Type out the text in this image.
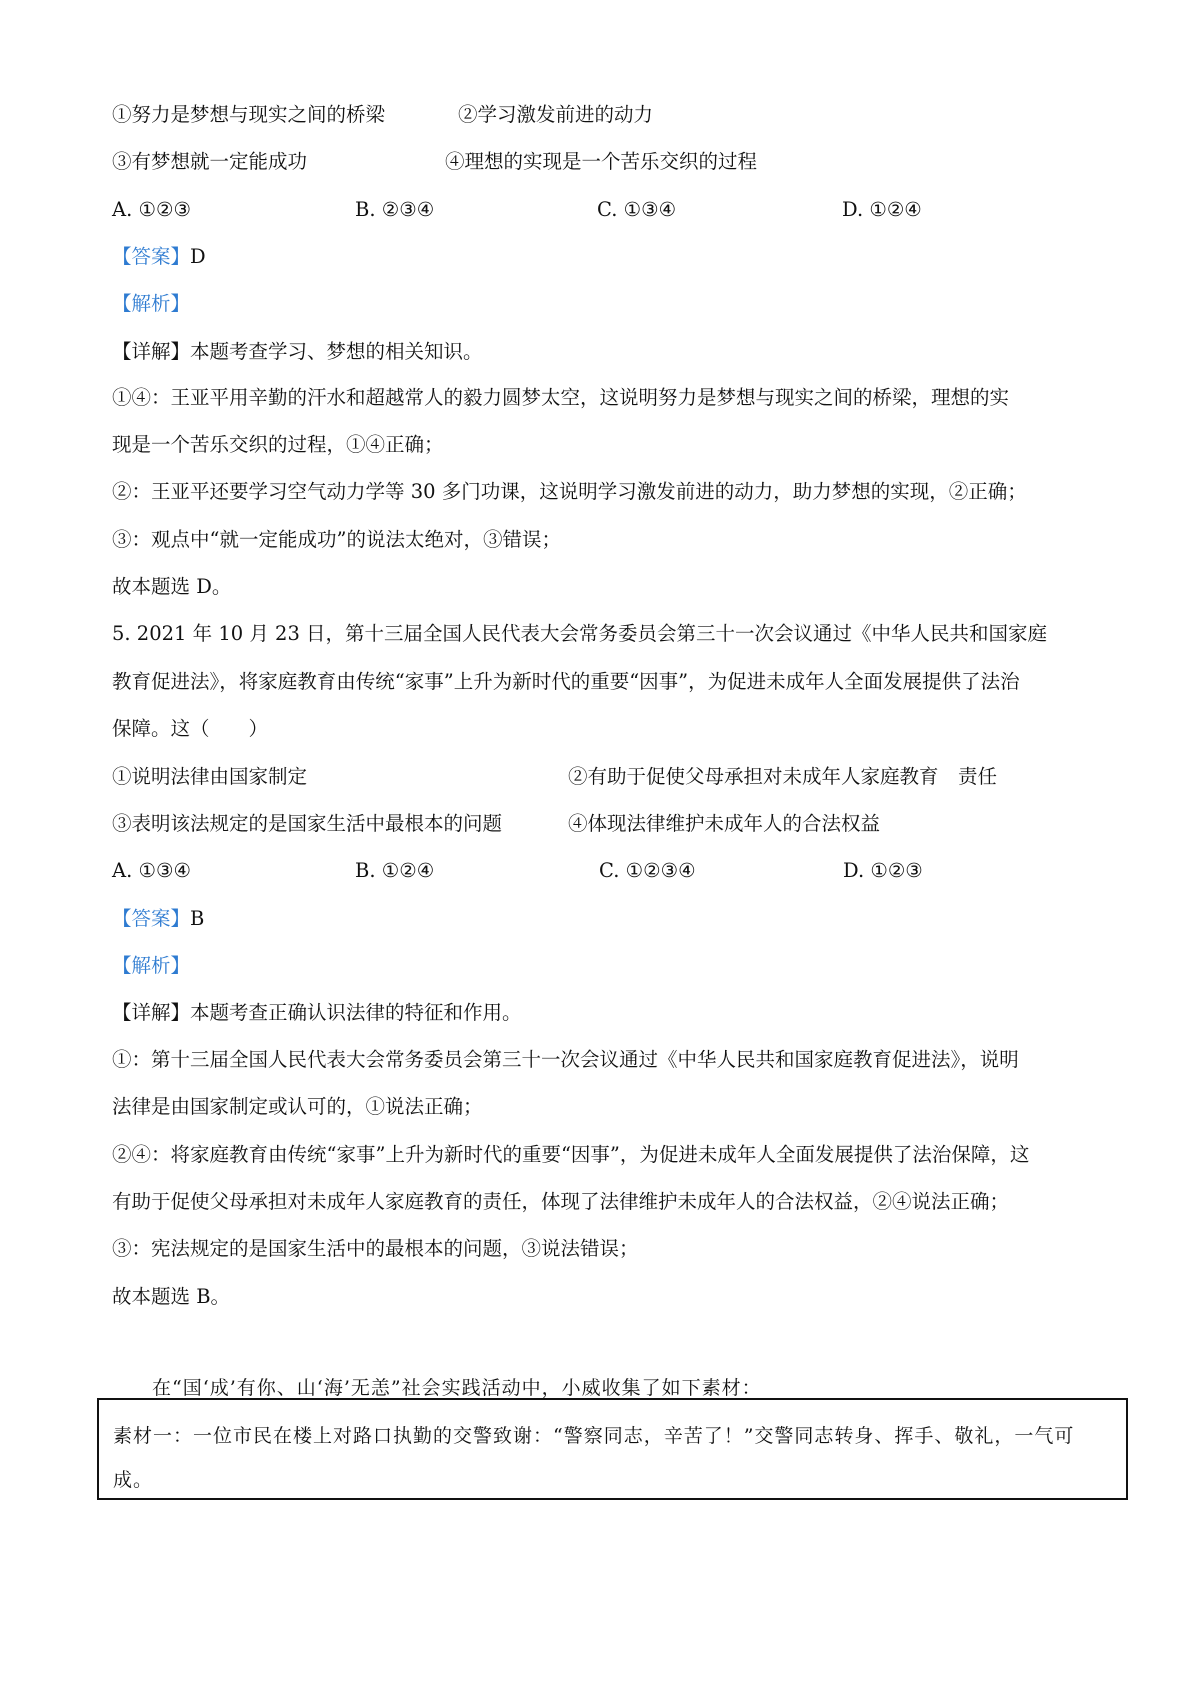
①努力是梦想与现实之间的桥梁	②学习激发前进的动力
③有梦想就一定能成功	④理想的实现是一个苦乐交织的过程
A. ①②③	B. ②③④	C. ①③④	D. ①②④
【答案】D
【解析】
【详解】本题考查学习、梦想的相关知识。
①④：王亚平用辛勤的汗水和超越常人的毅力圆梦太空，这说明努力是梦想与现实之间的桥梁，理想的实
现是一个苦乐交织的过程，①④正确；
②：王亚平还要学习空气动力学等 30 多门功课，这说明学习激发前进的动力，助力梦想的实现，②正确；
③：观点中“就一定能成功”的说法太绝对，③错误；
故本题选 D。
5. 2021 年 10 月 23 日，第十三届全国人民代表大会常务委员会第三十一次会议通过《中华人民共和国家庭
教育促进法》，将家庭教育由传统“家事”上升为新时代的重要“因事”，为促进未成年人全面发展提供了法治
保障。这（　　）
①说明法律由国家制定	②有助于促使父母承担对未成年人家庭教育　责任
③表明该法规定的是国家生活中最根本的问题	④体现法律维护未成年人的合法权益
A. ①③④	B. ①②④	C. ①②③④	D. ①②③
【答案】B
【解析】
【详解】本题考查正确认识法律的特征和作用。
①：第十三届全国人民代表大会常务委员会第三十一次会议通过《中华人民共和国家庭教育促进法》，说明
法律是由国家制定或认可的，①说法正确；
②④：将家庭教育由传统“家事”上升为新时代的重要“因事”，为促进未成年人全面发展提供了法治保障，这
有助于促使父母承担对未成年人家庭教育的责任，体现了法律维护未成年人的合法权益，②④说法正确；
③：宪法规定的是国家生活中的最根本的问题，③说法错误；
故本题选 B。
在“国‘成’有你、山‘海’无恙”社会实践活动中，小威收集了如下素材：
素材一：一位市民在楼上对路口执勤的交警致谢：“警察同志，辛苦了！”交警同志转身、挥手、敬礼，一气可成。
